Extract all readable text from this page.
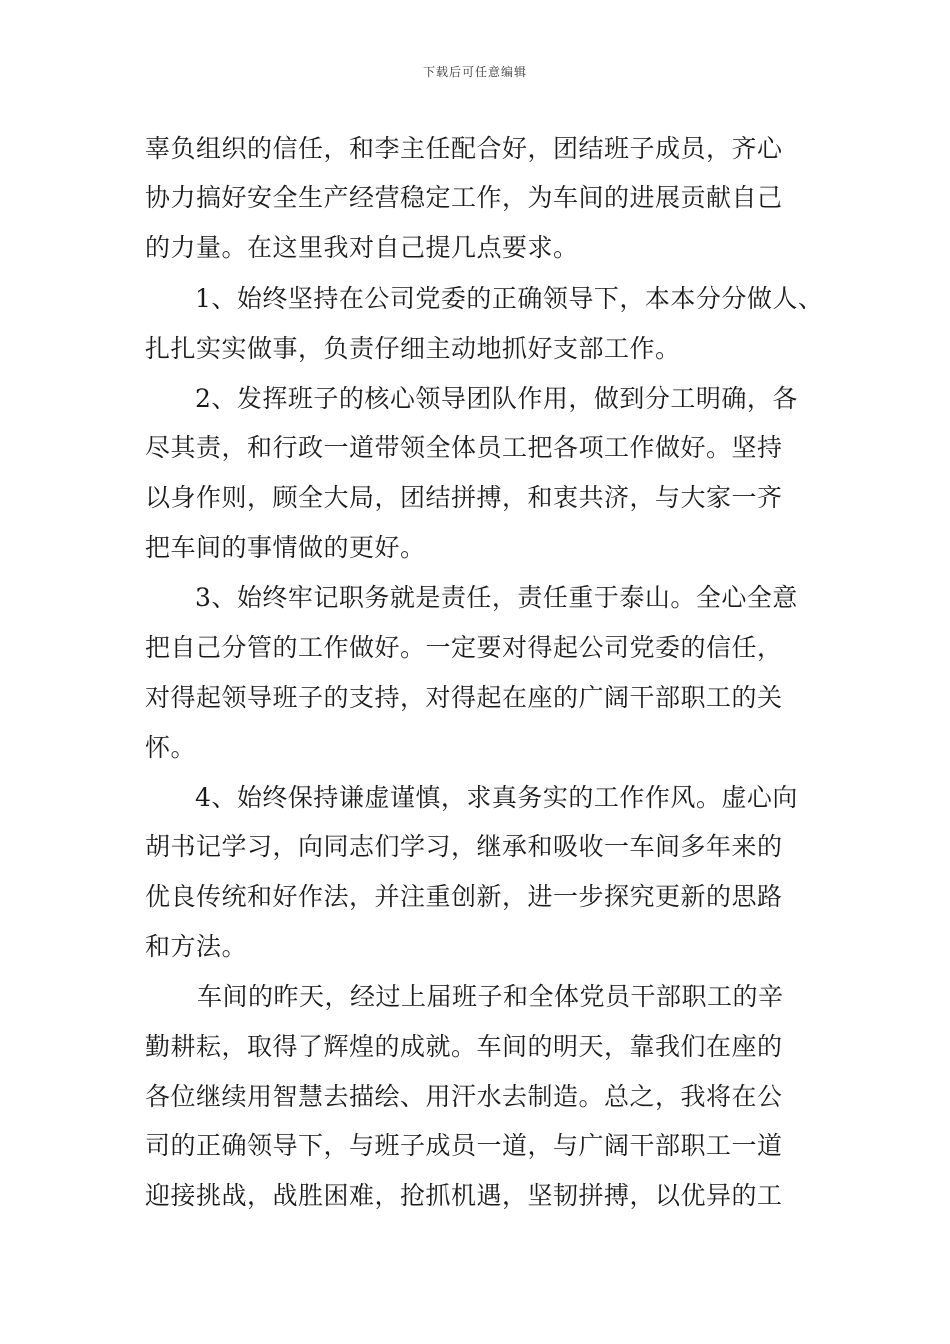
下载后可任意编辑
辜负组织的信任，和李主任配合好，团结班子成员，齐心
协力搞好安全生产经营稳定工作，为车间的进展贡献自己
的力量。在这里我对自己提几点要求。
1、始终坚持在公司党委的正确领导下，本本分分做人、
扎扎实实做事，负责仔细主动地抓好支部工作。
2、发挥班子的核心领导团队作用，做到分工明确，各
尽其责，和行政一道带领全体员工把各项工作做好。坚持
以身作则，顾全大局，团结拼搏，和衷共济，与大家一齐
把车间的事情做的更好。
3、始终牢记职务就是责任，责任重于泰山。全心全意
把自己分管的工作做好。一定要对得起公司党委的信任，
对得起领导班子的支持，对得起在座的广阔干部职工的关
怀。
4、始终保持谦虚谨慎，求真务实的工作作风。虚心向
胡书记学习，向同志们学习，继承和吸收一车间多年来的
优良传统和好作法，并注重创新，进一步探究更新的思路
和方法。
车间的昨天，经过上届班子和全体党员干部职工的辛
勤耕耘，取得了辉煌的成就。车间的明天，靠我们在座的
各位继续用智慧去描绘、用汗水去制造。总之，我将在公
司的正确领导下，与班子成员一道，与广阔干部职工一道
迎接挑战，战胜困难，抢抓机遇，坚韧拼搏，以优异的工
